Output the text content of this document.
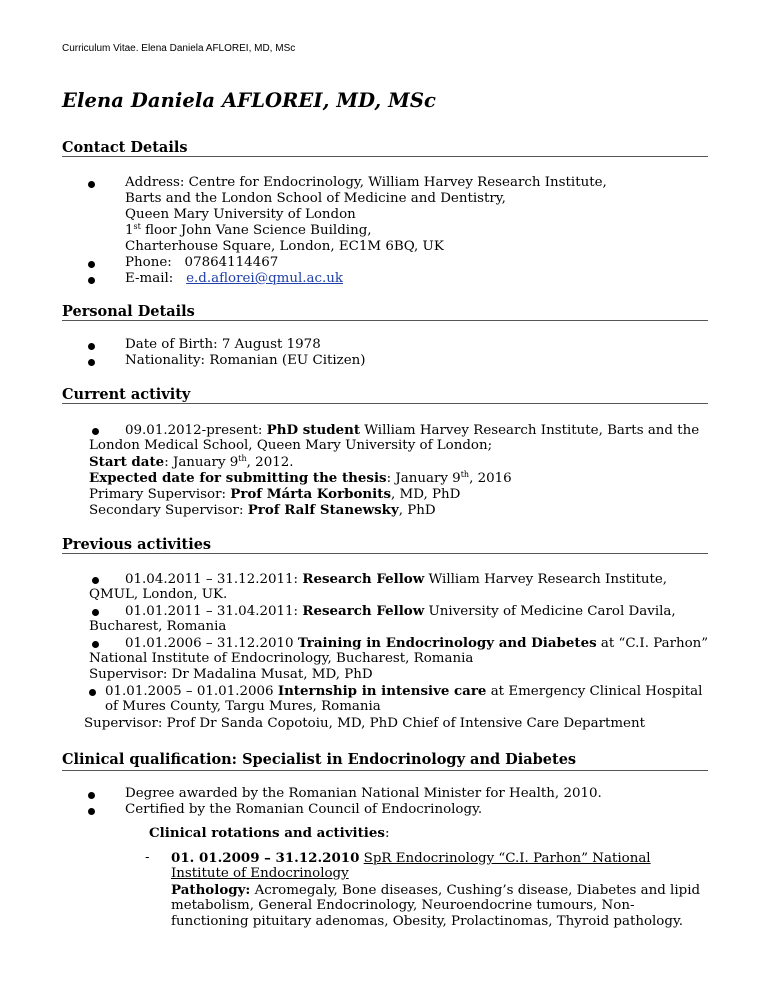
Curriculum Vitae. Elena Daniela AFLOREI, MD, MSc
Elena Daniela AFLOREI, MD, MSc
Contact Details
Address: Centre for Endocrinology, William Harvey Research Institute,
Barts and the London School of Medicine and Dentistry,
Queen Mary University of London
1st floor John Vane Science Building,
Charterhouse Square, London, EC1M 6BQ, UK
Phone: 07864114467
E-mail: e.d.aflorei@qmul.ac.uk
Personal Details
Date of Birth: 7 August 1978
Nationality: Romanian (EU Citizen)
Current activity
09.01.2012-present: PhD student William Harvey Research Institute, Barts and the
London Medical School, Queen Mary University of London;
Start date: January 9th, 2012.
Expected date for submitting the thesis: January 9th, 2016
Primary Supervisor: Prof Márta Korbonits, MD, PhD
Secondary Supervisor: Prof Ralf Stanewsky, PhD
Previous activities
01.04.2011 – 31.12.2011: Research Fellow William Harvey Research Institute,
QMUL, London, UK.
01.01.2011 – 31.04.2011: Research Fellow University of Medicine Carol Davila,
Bucharest, Romania
01.01.2006 – 31.12.2010 Training in Endocrinology and Diabetes at “C.I. Parhon”
National Institute of Endocrinology, Bucharest, Romania
Supervisor: Dr Madalina Musat, MD, PhD
01.01.2005 – 01.01.2006 Internship in intensive care at Emergency Clinical Hospital
of Mures County, Targu Mures, Romania
Supervisor: Prof Dr Sanda Copotoiu, MD, PhD Chief of Intensive Care Department
Clinical qualification: Specialist in Endocrinology and Diabetes
Degree awarded by the Romanian National Minister for Health, 2010.
Certified by the Romanian Council of Endocrinology.
Clinical rotations and activities:
- 01. 01.2009 – 31.12.2010 SpR Endocrinology “C.I. Parhon” National
Institute of Endocrinology
Pathology: Acromegaly, Bone diseases, Cushing’s disease, Diabetes and lipid
metabolism, General Endocrinology, Neuroendocrine tumours, Non-
functioning pituitary adenomas, Obesity, Prolactinomas, Thyroid pathology.
